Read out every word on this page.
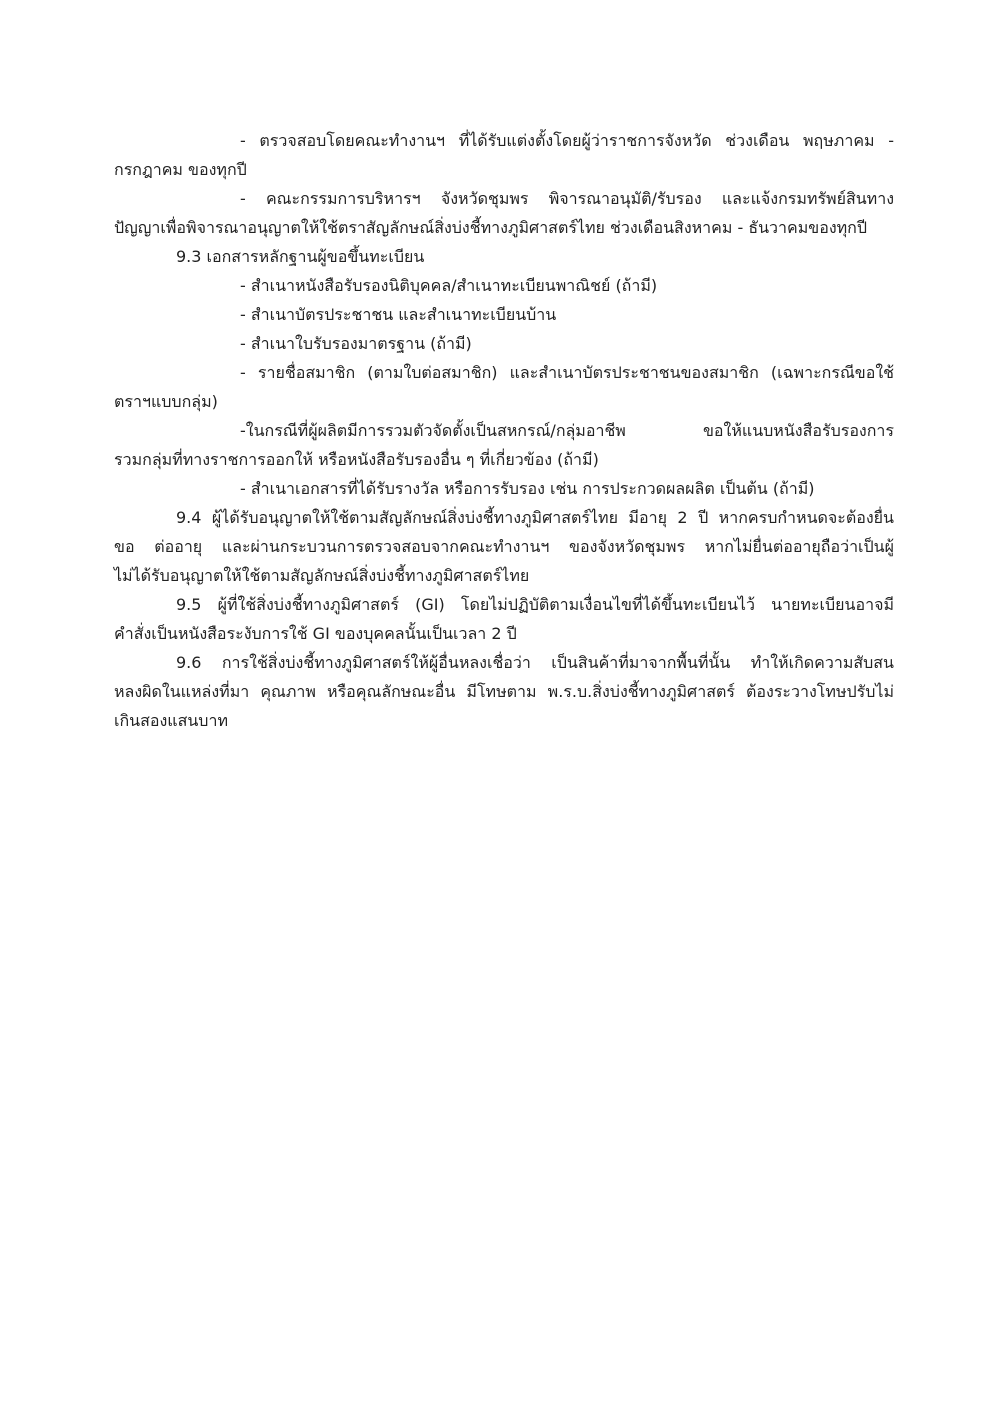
- ตรวจสอบโดยคณะทำงานฯ ที่ได้รับแต่งตั้งโดยผู้ว่าราชการจังหวัด ช่วงเดือน พฤษภาคม -
กรกฎาคม ของทุกปี
- คณะกรรมการบริหารฯ จังหวัดชุมพร พิจารณาอนุมัติ/รับรอง และแจ้งกรมทรัพย์สินทาง
ปัญญาเพื่อพิจารณาอนุญาตให้ใช้ตราสัญลักษณ์สิ่งบ่งชี้ทางภูมิศาสตร์ไทย ช่วงเดือนสิงหาคม - ธันวาคมของทุกปี
9.3 เอกสารหลักฐานผู้ขอขึ้นทะเบียน
- สำเนาหนังสือรับรองนิติบุคคล/สำเนาทะเบียนพาณิชย์ (ถ้ามี)
- สำเนาบัตรประชาชน และสำเนาทะเบียนบ้าน
- สำเนาใบรับรองมาตรฐาน (ถ้ามี)
- รายชื่อสมาชิก (ตามใบต่อสมาชิก) และสำเนาบัตรประชาชนของสมาชิก (เฉพาะกรณีขอใช้
ตราฯแบบกลุ่ม)
-ในกรณีที่ผู้ผลิตมีการรวมตัวจัดตั้งเป็นสหกรณ์/กลุ่มอาชีพ ขอให้แนบหนังสือรับรองการ
รวมกลุ่มที่ทางราชการออกให้ หรือหนังสือรับรองอื่น ๆ ที่เกี่ยวข้อง (ถ้ามี)
- สำเนาเอกสารที่ได้รับรางวัล หรือการรับรอง เช่น การประกวดผลผลิต เป็นต้น (ถ้ามี)
9.4 ผู้ได้รับอนุญาตให้ใช้ตามสัญลักษณ์สิ่งบ่งชี้ทางภูมิศาสตร์ไทย มีอายุ 2 ปี หากครบกำหนดจะต้องยื่น
ขอ ต่ออายุ และผ่านกระบวนการตรวจสอบจากคณะทำงานฯ ของจังหวัดชุมพร หากไม่ยื่นต่ออายุถือว่าเป็นผู้
ไม่ได้รับอนุญาตให้ใช้ตามสัญลักษณ์สิ่งบ่งชี้ทางภูมิศาสตร์ไทย
9.5 ผู้ที่ใช้สิ่งบ่งชี้ทางภูมิศาสตร์ (GI) โดยไม่ปฏิบัติตามเงื่อนไขที่ได้ขึ้นทะเบียนไว้ นายทะเบียนอาจมี
คำสั่งเป็นหนังสือระงับการใช้ GI ของบุคคลนั้นเป็นเวลา 2 ปี
9.6 การใช้สิ่งบ่งชี้ทางภูมิศาสตร์ให้ผู้อื่นหลงเชื่อว่า เป็นสินค้าที่มาจากพื้นที่นั้น ทำให้เกิดความสับสน
หลงผิดในแหล่งที่มา คุณภาพ หรือคุณลักษณะอื่น มีโทษตาม พ.ร.บ.สิ่งบ่งชี้ทางภูมิศาสตร์ ต้องระวางโทษปรับไม่
เกินสองแสนบาท
